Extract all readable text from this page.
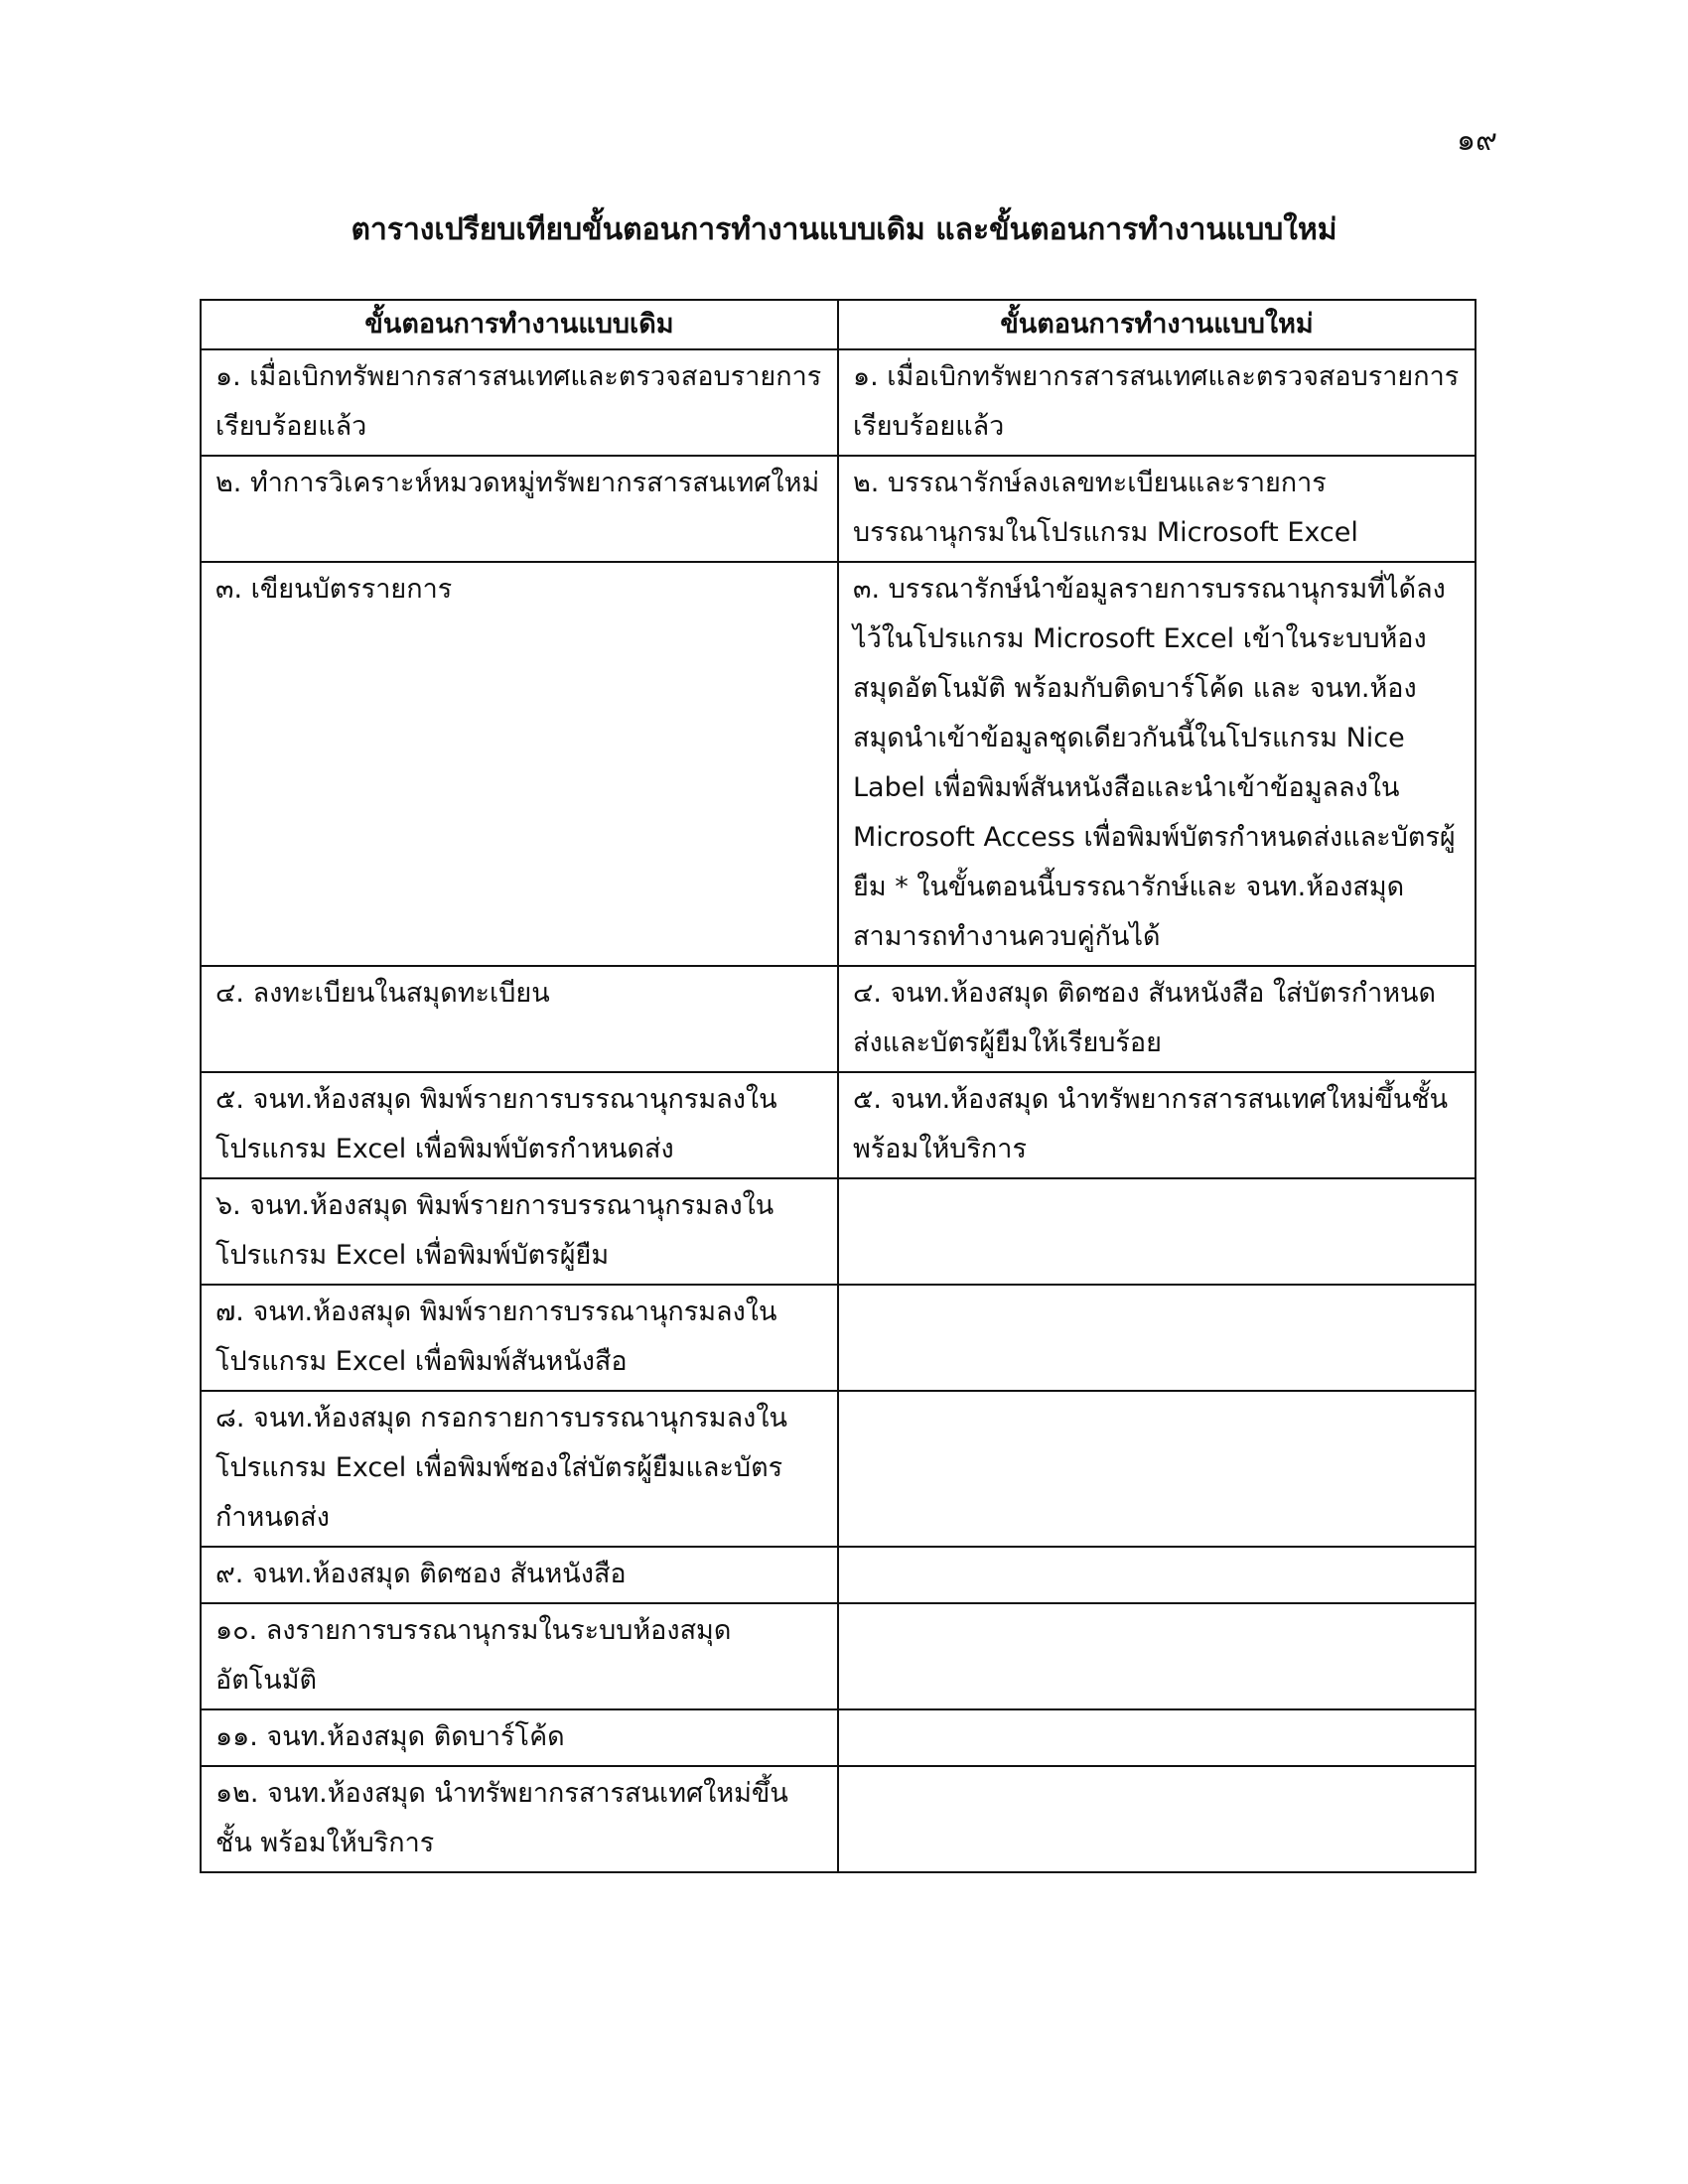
๑๙
ตารางเปรียบเทียบขั้นตอนการทำงานแบบเดิม และขั้นตอนการทำงานแบบใหม่
ขั้นตอนการทำงานแบบเดิม	ขั้นตอนการทำงานแบบใหม่
๑. เมื่อเบิกทรัพยากรสารสนเทศและตรวจสอบรายการเรียบร้อยแล้ว	๑. เมื่อเบิกทรัพยากรสารสนเทศและตรวจสอบรายการเรียบร้อยแล้ว
๒. ทำการวิเคราะห์หมวดหมู่ทรัพยากรสารสนเทศใหม่	๒. บรรณารักษ์ลงเลขทะเบียนและรายการบรรณานุกรมในโปรแกรม Microsoft Excel
๓. เขียนบัตรรายการ	๓. บรรณารักษ์นำข้อมูลรายการบรรณานุกรมที่ได้ลงไว้ในโปรแกรม Microsoft Excel เข้าในระบบห้องสมุดอัตโนมัติ พร้อมกับติดบาร์โค้ด และ จนท.ห้องสมุดนำเข้าข้อมูลชุดเดียวกันนี้ในโปรแกรม Nice Label เพื่อพิมพ์สันหนังสือและนำเข้าข้อมูลลงใน Microsoft Access เพื่อพิมพ์บัตรกำหนดส่งและบัตรผู้ยืม * ในขั้นตอนนี้บรรณารักษ์และ จนท.ห้องสมุด สามารถทำงานควบคู่กันได้
๔. ลงทะเบียนในสมุดทะเบียน	๔. จนท.ห้องสมุด ติดซอง สันหนังสือ ใส่บัตรกำหนดส่งและบัตรผู้ยืมให้เรียบร้อย
๕. จนท.ห้องสมุด พิมพ์รายการบรรณานุกรมลงในโปรแกรม Excel เพื่อพิมพ์บัตรกำหนดส่ง	๕. จนท.ห้องสมุด นำทรัพยากรสารสนเทศใหม่ขึ้นชั้นพร้อมให้บริการ
๖. จนท.ห้องสมุด พิมพ์รายการบรรณานุกรมลงในโปรแกรม Excel เพื่อพิมพ์บัตรผู้ยืม	
๗. จนท.ห้องสมุด พิมพ์รายการบรรณานุกรมลงในโปรแกรม Excel เพื่อพิมพ์สันหนังสือ	
๘. จนท.ห้องสมุด กรอกรายการบรรณานุกรมลงในโปรแกรม Excel เพื่อพิมพ์ซองใส่บัตรผู้ยืมและบัตรกำหนดส่ง	
๙. จนท.ห้องสมุด ติดซอง สันหนังสือ	
๑๐. ลงรายการบรรณานุกรมในระบบห้องสมุดอัตโนมัติ	
๑๑. จนท.ห้องสมุด ติดบาร์โค้ด	
๑๒. จนท.ห้องสมุด นำทรัพยากรสารสนเทศใหม่ขึ้นชั้น พร้อมให้บริการ	
